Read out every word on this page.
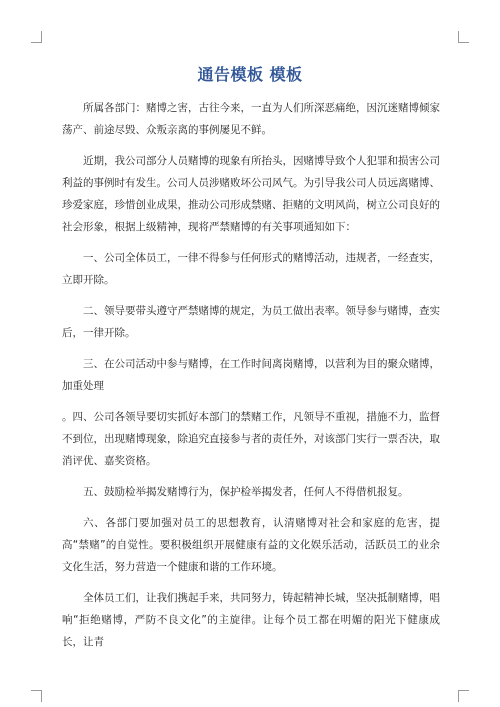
通告模板 模板

所属各部门：赌博之害，古往今来，一直为人们所深恶痛绝，因沉迷赌博倾家荡产、前途尽毁、众叛亲离的事例屡见不鲜。

近期，我公司部分人员赌博的现象有所抬头，因赌博导致个人犯罪和损害公司利益的事例时有发生。公司人员涉赌败坏公司风气。为引导我公司人员远离赌博、珍爱家庭，珍惜创业成果，推动公司形成禁赌、拒赌的文明风尚，树立公司良好的社会形象，根据上级精神，现将严禁赌博的有关事项通知如下：

一、公司全体员工，一律不得参与任何形式的赌博活动，违规者，一经查实，立即开除。

二、领导要带头遵守严禁赌博的规定，为员工做出表率。领导参与赌博，查实后，一律开除。

三、在公司活动中参与赌博，在工作时间离岗赌博，以营利为目的聚众赌博，加重处理

。四、公司各领导要切实抓好本部门的禁赌工作，凡领导不重视，措施不力，监督不到位，出现赌博现象，除追究直接参与者的责任外，对该部门实行一票否决，取消评优、嘉奖资格。

五、鼓励检举揭发赌博行为，保护检举揭发者，任何人不得借机报复。

六、各部门要加强对员工的思想教育，认清赌博对社会和家庭的危害，提高“禁赌”的自觉性。要积极组织开展健康有益的文化娱乐活动，活跃员工的业余文化生活，努力营造一个健康和谐的工作环境。

全体员工们，让我们携起手来，共同努力，铸起精神长城，坚决抵制赌博，唱响“拒绝赌博，严防不良文化”的主旋律。让每个员工都在明媚的阳光下健康成长，让青
